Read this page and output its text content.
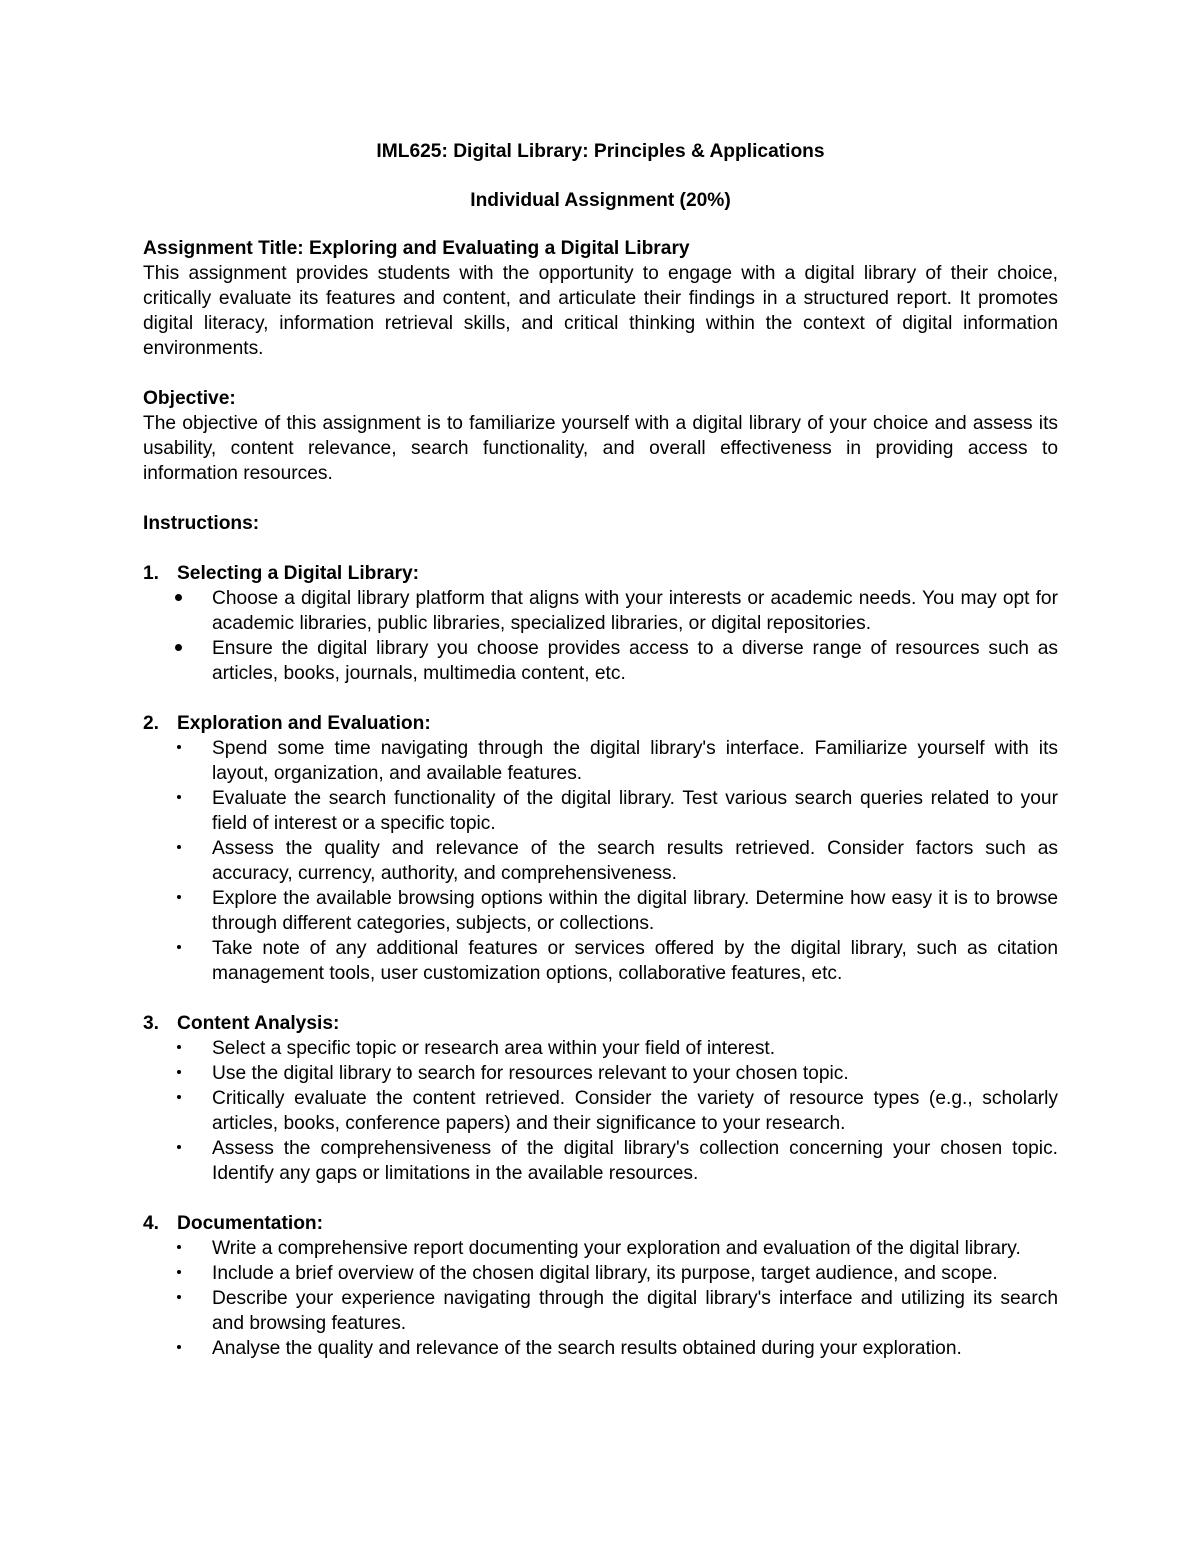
IML625: Digital Library: Principles & Applications

Individual Assignment (20%)

Assignment Title: Exploring and Evaluating a Digital Library

This assignment provides students with the opportunity to engage with a digital library of their choice, critically evaluate its features and content, and articulate their findings in a structured report. It promotes digital literacy, information retrieval skills, and critical thinking within the context of digital information environments.

Objective:

The objective of this assignment is to familiarize yourself with a digital library of your choice and assess its usability, content relevance, search functionality, and overall effectiveness in providing access to information resources.

Instructions:

1. Selecting a Digital Library:
Choose a digital library platform that aligns with your interests or academic needs. You may opt for academic libraries, public libraries, specialized libraries, or digital repositories.
Ensure the digital library you choose provides access to a diverse range of resources such as articles, books, journals, multimedia content, etc.
2. Exploration and Evaluation:
Spend some time navigating through the digital library's interface. Familiarize yourself with its layout, organization, and available features.
Evaluate the search functionality of the digital library. Test various search queries related to your field of interest or a specific topic.
Assess the quality and relevance of the search results retrieved. Consider factors such as accuracy, currency, authority, and comprehensiveness.
Explore the available browsing options within the digital library. Determine how easy it is to browse through different categories, subjects, or collections.
Take note of any additional features or services offered by the digital library, such as citation management tools, user customization options, collaborative features, etc.
3. Content Analysis:
Select a specific topic or research area within your field of interest.
Use the digital library to search for resources relevant to your chosen topic.
Critically evaluate the content retrieved. Consider the variety of resource types (e.g., scholarly articles, books, conference papers) and their significance to your research.
Assess the comprehensiveness of the digital library's collection concerning your chosen topic. Identify any gaps or limitations in the available resources.
4. Documentation:
Write a comprehensive report documenting your exploration and evaluation of the digital library.
Include a brief overview of the chosen digital library, its purpose, target audience, and scope.
Describe your experience navigating through the digital library's interface and utilizing its search and browsing features.
Analyse the quality and relevance of the search results obtained during your exploration.
